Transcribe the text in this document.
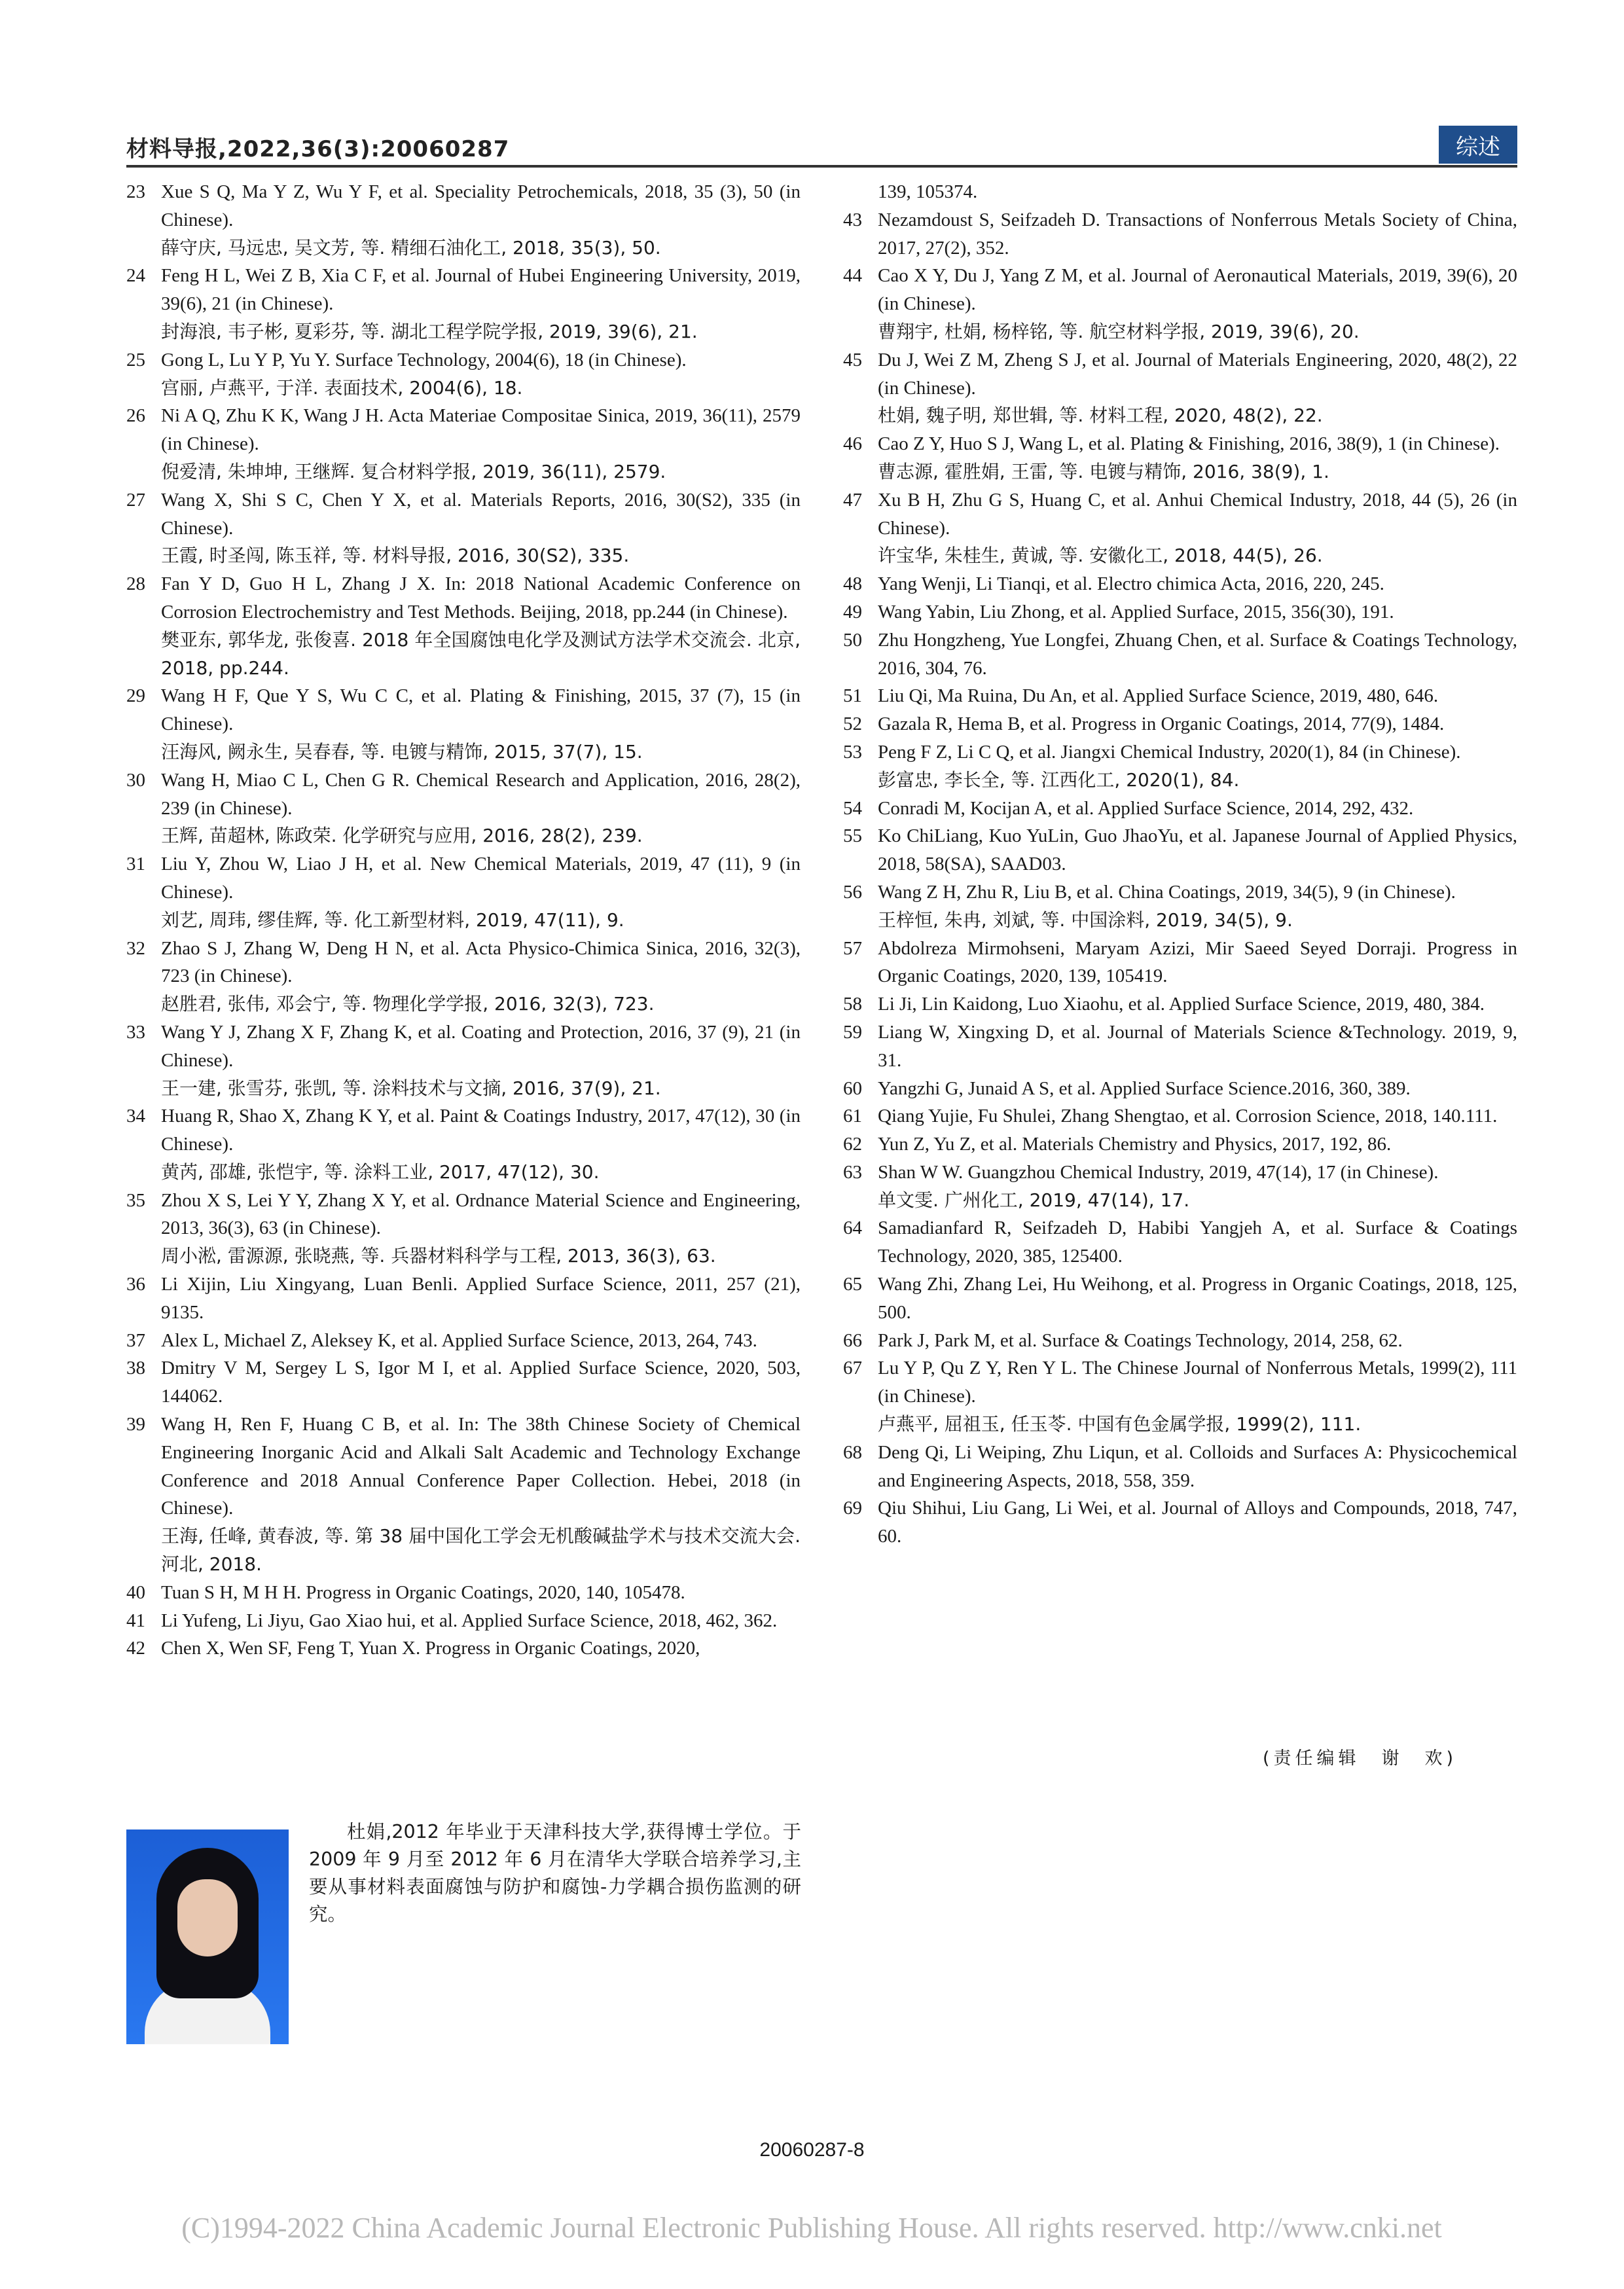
材料导报,2022,36(3):20060287	综述
23 Xue S Q, Ma Y Z, Wu Y F, et al. Speciality Petrochemicals, 2018, 35 (3), 50 (in Chinese).
薛守庆, 马远忠, 吴文芳, 等. 精细石油化工, 2018, 35(3), 50.
24 Feng H L, Wei Z B, Xia C F, et al. Journal of Hubei Engineering University, 2019, 39(6), 21 (in Chinese).
封海浪, 韦子彬, 夏彩芬, 等. 湖北工程学院学报, 2019, 39(6), 21.
25 Gong L, Lu Y P, Yu Y. Surface Technology, 2004(6), 18 (in Chinese).
宫丽, 卢燕平, 于洋. 表面技术, 2004(6), 18.
26 Ni A Q, Zhu K K, Wang J H. Acta Materiae Compositae Sinica, 2019, 36(11), 2579 (in Chinese).
倪爱清, 朱坤坤, 王继辉. 复合材料学报, 2019, 36(11), 2579.
27 Wang X, Shi S C, Chen Y X, et al. Materials Reports, 2016, 30(S2), 335 (in Chinese).
王霞, 时圣闯, 陈玉祥, 等. 材料导报, 2016, 30(S2), 335.
28 Fan Y D, Guo H L, Zhang J X. In: 2018 National Academic Conference on Corrosion Electrochemistry and Test Methods. Beijing, 2018, pp.244 (in Chinese).
樊亚东, 郭华龙, 张俊喜. 2018 年全国腐蚀电化学及测试方法学术交流会. 北京, 2018, pp.244.
29 Wang H F, Que Y S, Wu C C, et al. Plating & Finishing, 2015, 37 (7), 15 (in Chinese).
汪海风, 阙永生, 吴春春, 等. 电镀与精饰, 2015, 37(7), 15.
30 Wang H, Miao C L, Chen G R. Chemical Research and Application, 2016, 28(2), 239 (in Chinese).
王辉, 苗超林, 陈政荣. 化学研究与应用, 2016, 28(2), 239.
31 Liu Y, Zhou W, Liao J H, et al. New Chemical Materials, 2019, 47 (11), 9 (in Chinese).
刘艺, 周玮, 缪佳辉, 等. 化工新型材料, 2019, 47(11), 9.
32 Zhao S J, Zhang W, Deng H N, et al. Acta Physico-Chimica Sinica, 2016, 32(3), 723 (in Chinese).
赵胜君, 张伟, 邓会宁, 等. 物理化学学报, 2016, 32(3), 723.
33 Wang Y J, Zhang X F, Zhang K, et al. Coating and Protection, 2016, 37 (9), 21 (in Chinese).
王一建, 张雪芬, 张凯, 等. 涂料技术与文摘, 2016, 37(9), 21.
34 Huang R, Shao X, Zhang K Y, et al. Paint & Coatings Industry, 2017, 47(12), 30 (in Chinese).
黄芮, 邵雄, 张恺宇, 等. 涂料工业, 2017, 47(12), 30.
35 Zhou X S, Lei Y Y, Zhang X Y, et al. Ordnance Material Science and Engineering, 2013, 36(3), 63 (in Chinese).
周小淞, 雷源源, 张晓燕, 等. 兵器材料科学与工程, 2013, 36(3), 63.
36 Li Xijin, Liu Xingyang, Luan Benli. Applied Surface Science, 2011, 257 (21), 9135.
37 Alex L, Michael Z, Aleksey K, et al. Applied Surface Science, 2013, 264, 743.
38 Dmitry V M, Sergey L S, Igor M I, et al. Applied Surface Science, 2020, 503, 144062.
39 Wang H, Ren F, Huang C B, et al. In: The 38th Chinese Society of Chemical Engineering Inorganic Acid and Alkali Salt Academic and Technology Exchange Conference and 2018 Annual Conference Paper Collection. Hebei, 2018 (in Chinese).
王海, 任峰, 黄春波, 等. 第 38 届中国化工学会无机酸碱盐学术与技术交流大会. 河北, 2018.
40 Tuan S H, M H H. Progress in Organic Coatings, 2020, 140, 105478.
41 Li Yufeng, Li Jiyu, Gao Xiao hui, et al. Applied Surface Science, 2018, 462, 362.
42 Chen X, Wen SF, Feng T, Yuan X. Progress in Organic Coatings, 2020,
139, 105374.
43 Nezamdoust S, Seifzadeh D. Transactions of Nonferrous Metals Society of China, 2017, 27(2), 352.
44 Cao X Y, Du J, Yang Z M, et al. Journal of Aeronautical Materials, 2019, 39(6), 20 (in Chinese).
曹翔宇, 杜娟, 杨梓铭, 等. 航空材料学报, 2019, 39(6), 20.
45 Du J, Wei Z M, Zheng S J, et al. Journal of Materials Engineering, 2020, 48(2), 22 (in Chinese).
杜娟, 魏子明, 郑世辑, 等. 材料工程, 2020, 48(2), 22.
46 Cao Z Y, Huo S J, Wang L, et al. Plating & Finishing, 2016, 38(9), 1 (in Chinese).
曹志源, 霍胜娟, 王雷, 等. 电镀与精饰, 2016, 38(9), 1.
47 Xu B H, Zhu G S, Huang C, et al. Anhui Chemical Industry, 2018, 44 (5), 26 (in Chinese).
许宝华, 朱桂生, 黄诚, 等. 安徽化工, 2018, 44(5), 26.
48 Yang Wenji, Li Tianqi, et al. Electro chimica Acta, 2016, 220, 245.
49 Wang Yabin, Liu Zhong, et al. Applied Surface, 2015, 356(30), 191.
50 Zhu Hongzheng, Yue Longfei, Zhuang Chen, et al. Surface & Coatings Technology, 2016, 304, 76.
51 Liu Qi, Ma Ruina, Du An, et al. Applied Surface Science, 2019, 480, 646.
52 Gazala R, Hema B, et al. Progress in Organic Coatings, 2014, 77(9), 1484.
53 Peng F Z, Li C Q, et al. Jiangxi Chemical Industry, 2020(1), 84 (in Chinese).
彭富忠, 李长全, 等. 江西化工, 2020(1), 84.
54 Conradi M, Kocijan A, et al. Applied Surface Science, 2014, 292, 432.
55 Ko ChiLiang, Kuo YuLin, Guo JhaoYu, et al. Japanese Journal of Applied Physics, 2018, 58(SA), SAAD03.
56 Wang Z H, Zhu R, Liu B, et al. China Coatings, 2019, 34(5), 9 (in Chinese).
王梓恒, 朱冉, 刘斌, 等. 中国涂料, 2019, 34(5), 9.
57 Abdolreza Mirmohseni, Maryam Azizi, Mir Saeed Seyed Dorraji. Progress in Organic Coatings, 2020, 139, 105419.
58 Li Ji, Lin Kaidong, Luo Xiaohu, et al. Applied Surface Science, 2019, 480, 384.
59 Liang W, Xingxing D, et al. Journal of Materials Science &Technology. 2019, 9, 31.
60 Yangzhi G, Junaid A S, et al. Applied Surface Science.2016, 360, 389.
61 Qiang Yujie, Fu Shulei, Zhang Shengtao, et al. Corrosion Science, 2018, 140.111.
62 Yun Z, Yu Z, et al. Materials Chemistry and Physics, 2017, 192, 86.
63 Shan W W. Guangzhou Chemical Industry, 2019, 47(14), 17 (in Chinese).
单文雯. 广州化工, 2019, 47(14), 17.
64 Samadianfard R, Seifzadeh D, Habibi Yangjeh A, et al. Surface & Coatings Technology, 2020, 385, 125400.
65 Wang Zhi, Zhang Lei, Hu Weihong, et al. Progress in Organic Coatings, 2018, 125, 500.
66 Park J, Park M, et al. Surface & Coatings Technology, 2014, 258, 62.
67 Lu Y P, Qu Z Y, Ren Y L. The Chinese Journal of Nonferrous Metals, 1999(2), 111 (in Chinese).
卢燕平, 屈祖玉, 任玉苓. 中国有色金属学报, 1999(2), 111.
68 Deng Qi, Li Weiping, Zhu Liqun, et al. Colloids and Surfaces A: Physicochemical and Engineering Aspects, 2018, 558, 359.
69 Qiu Shihui, Liu Gang, Li Wei, et al. Journal of Alloys and Compounds, 2018, 747, 60.
(责任编辑　谢　欢)
杜娟,2012 年毕业于天津科技大学,获得博士学位。于 2009 年 9 月至 2012 年 6 月在清华大学联合培养学习,主要从事材料表面腐蚀与防护和腐蚀-力学耦合损伤监测的研究。
20060287-8
(C)1994-2022 China Academic Journal Electronic Publishing House. All rights reserved. http://www.cnki.net
